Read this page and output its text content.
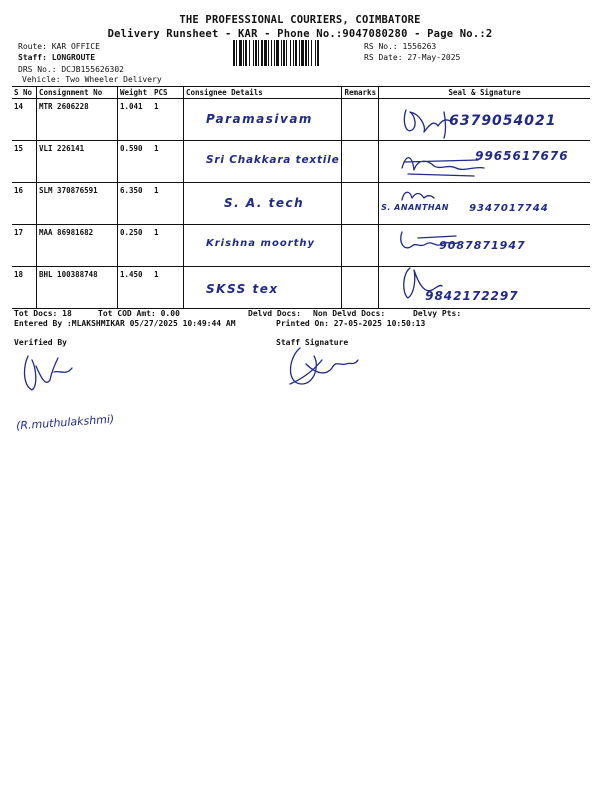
THE PROFESSIONAL COURIERS, COIMBATORE
Delivery Runsheet - KAR - Phone No.:9047080280 - Page No.:2
Route: KAR OFFICE
Staff: LONGROUTE
DRS No.: DCJB155626302
Vehicle: Two Wheeler Delivery
RS No.: 1556263
RS Date: 27-May-2025
S No	Consignment No	Weight	PCS	Consignee Details	Remarks	Seal & Signature
14	MTR 2606228	1.041	1	Paramasivam		6379054021

15	VLI 226141	0.590	1	Sri Chakkara textile		9965617676

16	SLM 370876591	6.350	1	S. A. tech		S. ANANTHAN 9347017744

17	MAA 86981682	0.250	1	Krishna moorthy		9087871947

18	BHL 100388748	1.450	1	SKSS tex		9842172297
Tot Docs: 18	Tot COD Amt: 0.00	Delvd Docs: Non Delvd Docs:	Delvy Pts:
Entered By :MLAKSHMIKAR 05/27/2025 10:49:44 AM	Printed On: 27-05-2025 10:50:13
Verified By	Staff Signature
(R.muthulakshmi)
